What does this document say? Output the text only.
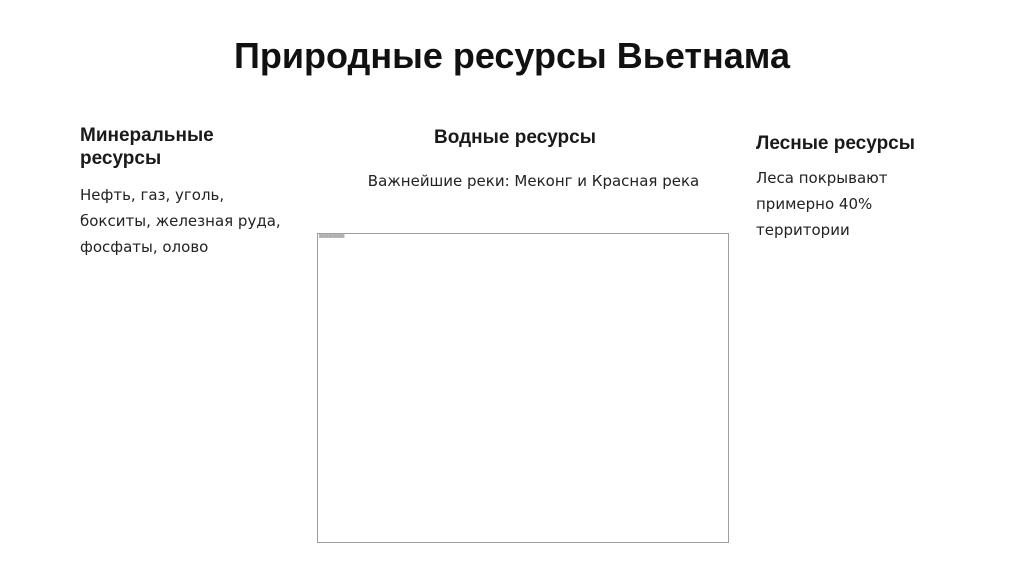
Природные ресурсы Вьетнама
Минеральные
ресурсы
Нефть, газ, уголь,
бокситы, железная руда,
фосфаты, олово
Водные ресурсы
Важнейшие реки: Меконг и Красная река
Лесные ресурсы
Леса покрывают
примерно 40%
территории
▒▒▒▒▒▒▒▒▒▒▒
